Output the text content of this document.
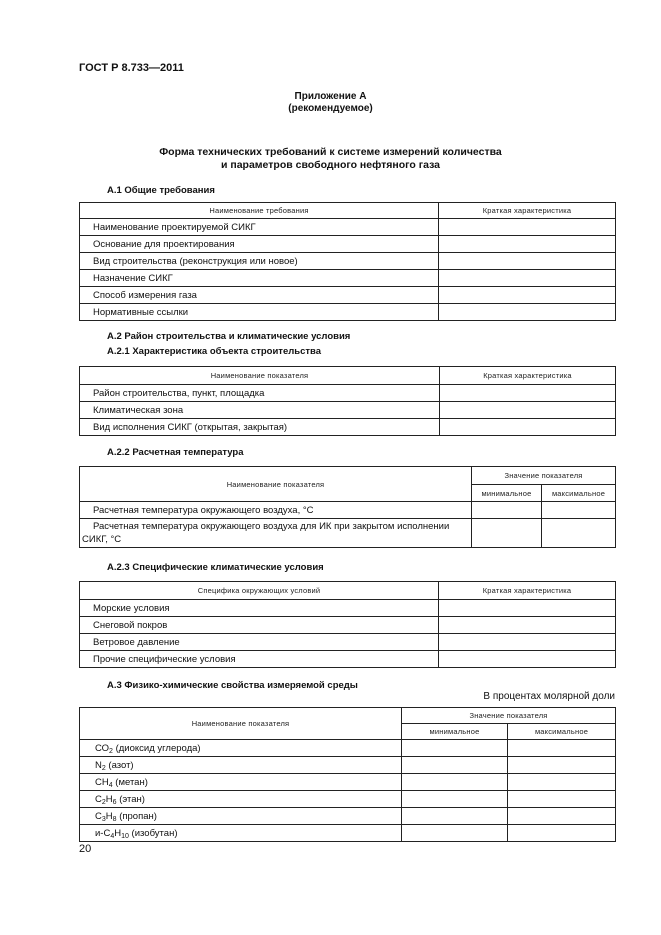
ГОСТ Р 8.733—2011
Приложение А
(рекомендуемое)
Форма технических требований к системе измерений количества
и параметров свободного нефтяного газа
А.1 Общие требования
Наименование требования	Краткая характеристика
Наименование проектируемой СИКГ	
Основание для проектирования	
Вид строительства (реконструкция или новое)	
Назначение СИКГ	
Способ измерения газа	
Нормативные ссылки	
А.2 Район строительства и климатические условия
А.2.1 Характеристика объекта строительства
Наименование показателя	Краткая характеристика
Район строительства, пункт, площадка	
Климатическая зона	
Вид исполнения СИКГ (открытая, закрытая)	
А.2.2 Расчетная температура
Наименование показателя	Значение показателя	
	минимальное	максимальное
Расчетная температура окружающего воздуха, °С		
Расчетная температура окружающего воздуха для ИК при закрытом исполнении СИКГ, °С		
А.2.3 Специфические климатические условия
Специфика окружающих условий	Краткая характеристика
Морские условия	
Снеговой покров	
Ветровое давление	
Прочие специфические условия	
А.3 Физико-химические свойства измеряемой среды
В процентах молярной доли
Наименование показателя	Значение показателя	
	минимальное	максимальное
$СО_2$ (диоксид углерода)		
$N_2$ (азот)		
$СН_4$ (метан)		
$С_2Н_6$ (этан)		
$С_3Н_8$ (пропан)		
$и-С_4Н_{10}$ (изобутан)		
20
